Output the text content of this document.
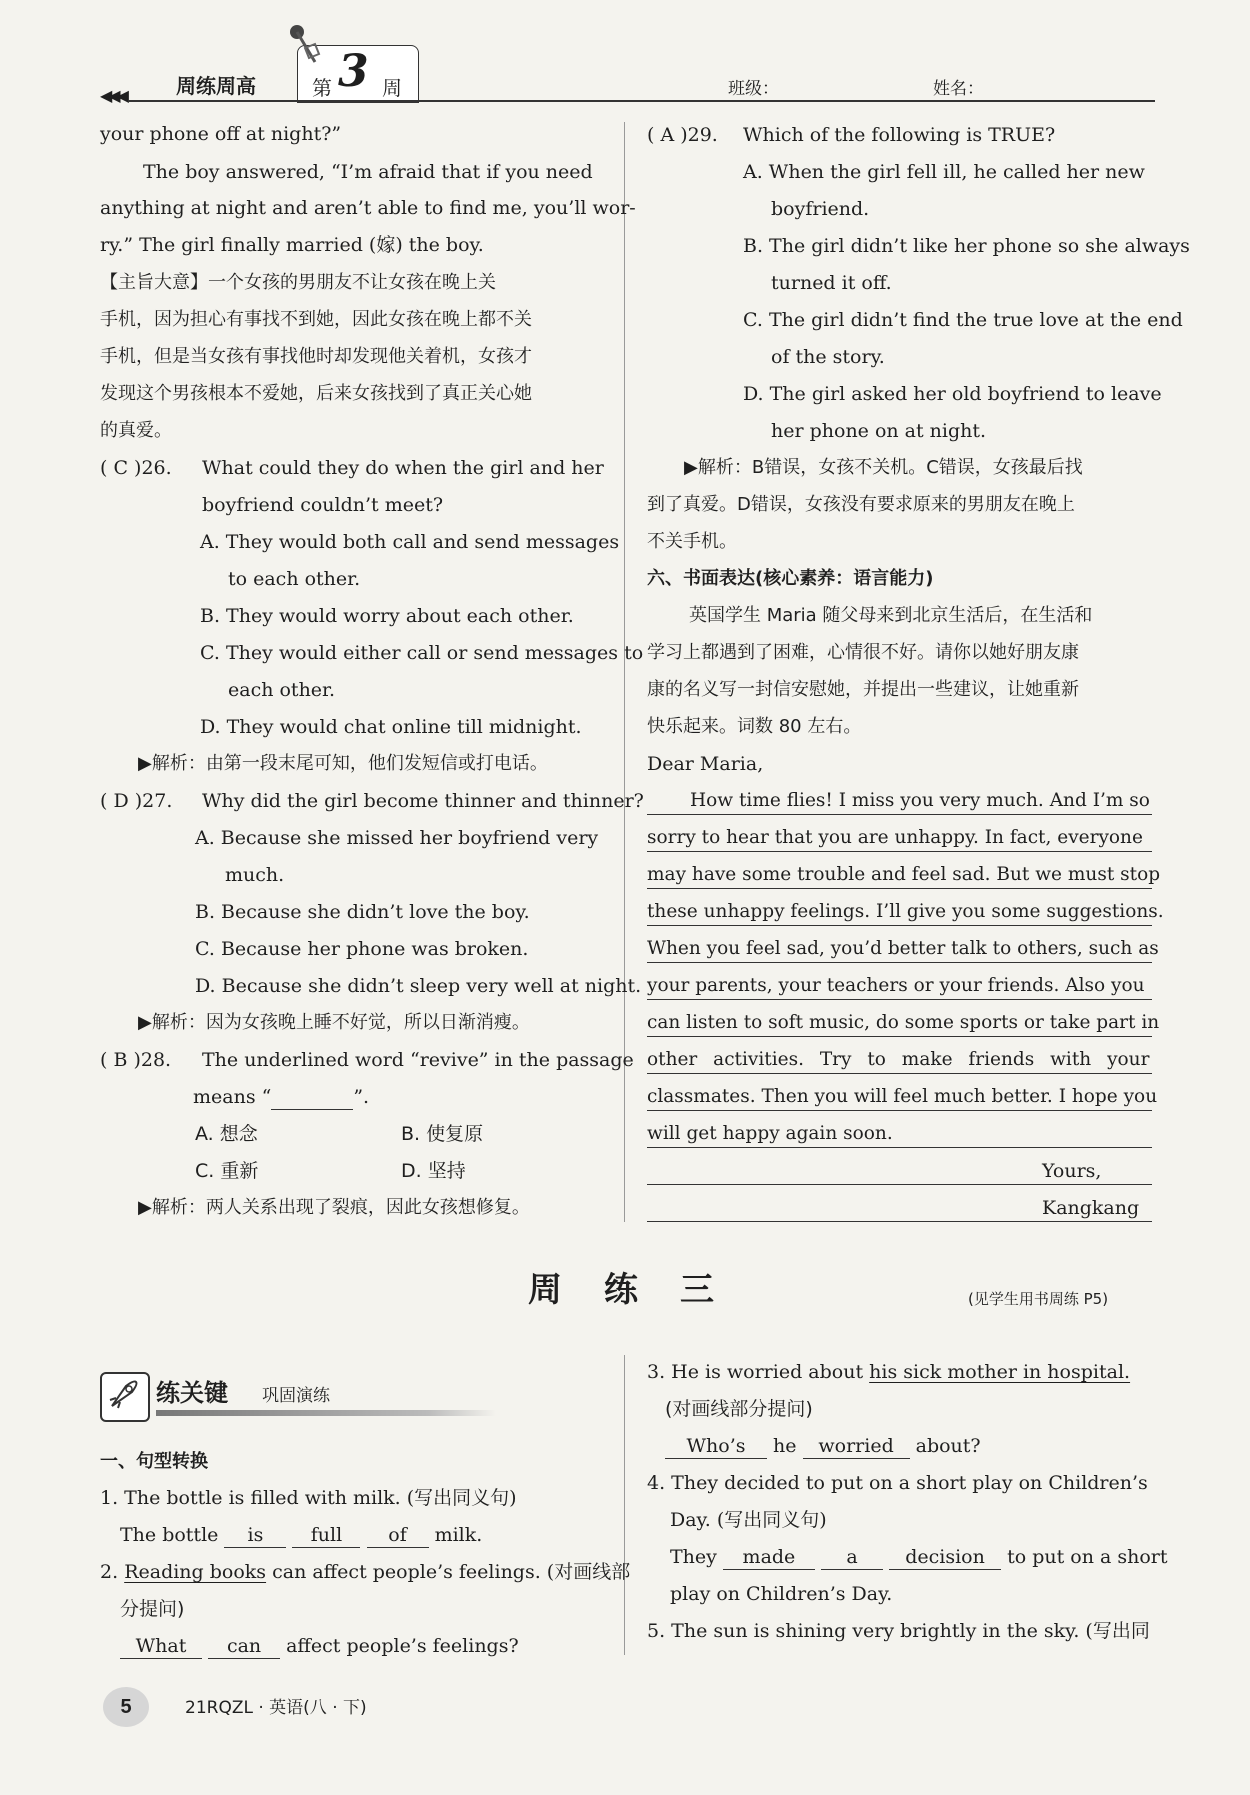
◀◀◀	周练周高	第 3 周	班级：	姓名：
your phone off at night?”
The boy answered, “I’m afraid that if you need
anything at night and aren’t able to find me, you’ll wor-
ry.” The girl finally married (嫁) the boy.
【主旨大意】一个女孩的男朋友不让女孩在晚上关
手机，因为担心有事找不到她，因此女孩在晚上都不关
手机，但是当女孩有事找他时却发现他关着机，女孩才
发现这个男孩根本不爱她，后来女孩找到了真正关心她
的真爱。
( C )26. What could they do when the girl and her
boyfriend couldn’t meet?
A. They would both call and send messages
to each other.
B. They would worry about each other.
C. They would either call or send messages to
each other.
D. They would chat online till midnight.
▶解析：由第一段末尾可知，他们发短信或打电话。
( D )27. Why did the girl become thinner and thinner?
A. Because she missed her boyfriend very
much.
B. Because she didn’t love the boy.
C. Because her phone was broken.
D. Because she didn’t sleep very well at night.
▶解析：因为女孩晚上睡不好觉，所以日渐消瘦。
( B )28. The underlined word “revive” in the passage
means “	”.
A. 想念	B. 使复原
C. 重新	D. 坚持
▶解析：两人关系出现了裂痕，因此女孩想修复。
( A )29. Which of the following is TRUE?
A. When the girl fell ill, he called her new
boyfriend.
B. The girl didn’t like her phone so she always
turned it off.
C. The girl didn’t find the true love at the end
of the story.
D. The girl asked her old boyfriend to leave
her phone on at night.
▶解析：B错误，女孩不关机。C错误，女孩最后找
到了真爱。D错误，女孩没有要求原来的男朋友在晚上
不关手机。
六、书面表达(核心素养：语言能力)
英国学生 Maria 随父母来到北京生活后，在生活和
学习上都遇到了困难，心情很不好。请你以她好朋友康
康的名义写一封信安慰她，并提出一些建议，让她重新
快乐起来。词数 80 左右。
Dear Maria,
How time flies! I miss you very much. And I’m so
sorry to hear that you are unhappy. In fact, everyone
may have some trouble and feel sad. But we must stop
these unhappy feelings. I’ll give you some suggestions.
When you feel sad, you’d better talk to others, such as
your parents, your teachers or your friends. Also you
can listen to soft music, do some sports or take part in
other activities. Try to make friends with your
classmates. Then you will feel much better. I hope you
will get happy again soon.
Yours,
Kangkang
周　练　三	(见学生用书周练 P5)
练关键 巩固演练
一、句型转换
1. The bottle is filled with milk. (写出同义句)
The bottle is full of milk.
2. Reading books can affect people’s feelings. (对画线部
分提问)
What can affect people’s feelings?
3. He is worried about his sick mother in hospital.
(对画线部分提问)
Who’s he worried about?
4. They decided to put on a short play on Children’s
Day. (写出同义句)
They made	a	decision to put on a short
play on Children’s Day.
5. The sun is shining very brightly in the sky. (写出同
5	21RQZL · 英语(八 · 下)
